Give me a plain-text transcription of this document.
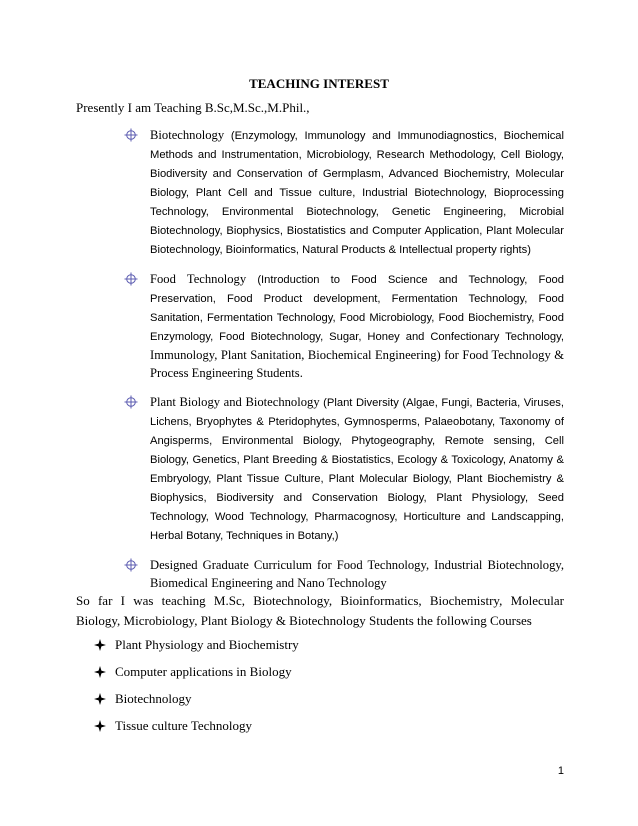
TEACHING INTEREST
Presently I am Teaching B.Sc,M.Sc.,M.Phil.,
Biotechnology (Enzymology, Immunology and Immunodiagnostics, Biochemical Methods and Instrumentation, Microbiology, Research Methodology, Cell Biology, Biodiversity and Conservation of Germplasm, Advanced Biochemistry, Molecular Biology, Plant Cell and Tissue culture, Industrial Biotechnology, Bioprocessing Technology, Environmental Biotechnology, Genetic Engineering, Microbial Biotechnology, Biophysics, Biostatistics and Computer Application, Plant Molecular Biotechnology, Bioinformatics, Natural Products & Intellectual property rights)
Food Technology (Introduction to Food Science and Technology, Food Preservation, Food Product development, Fermentation Technology, Food Sanitation, Fermentation Technology, Food Microbiology, Food Biochemistry, Food Enzymology, Food Biotechnology, Sugar, Honey and Confectionary Technology, Immunology, Plant Sanitation, Biochemical Engineering) for Food Technology & Process Engineering Students.
Plant Biology and Biotechnology (Plant Diversity (Algae, Fungi, Bacteria, Viruses, Lichens, Bryophytes & Pteridophytes, Gymnosperms, Palaeobotany, Taxonomy of Angisperms, Environmental Biology, Phytogeography, Remote sensing, Cell Biology, Genetics, Plant Breeding & Biostatistics, Ecology & Toxicology, Anatomy & Embryology, Plant Tissue Culture, Plant Molecular Biology, Plant Biochemistry & Biophysics, Biodiversity and Conservation Biology, Plant Physiology, Seed Technology, Wood Technology, Pharmacognosy, Horticulture and Landscapping, Herbal Botany, Techniques in Botany,)
Designed Graduate Curriculum for Food Technology, Industrial Biotechnology, Biomedical Engineering and Nano Technology
So far I was teaching M.Sc, Biotechnology, Bioinformatics, Biochemistry, Molecular Biology, Microbiology, Plant Biology & Biotechnology Students the following Courses
Plant Physiology and Biochemistry
Computer applications in Biology
Biotechnology
Tissue culture Technology
1
